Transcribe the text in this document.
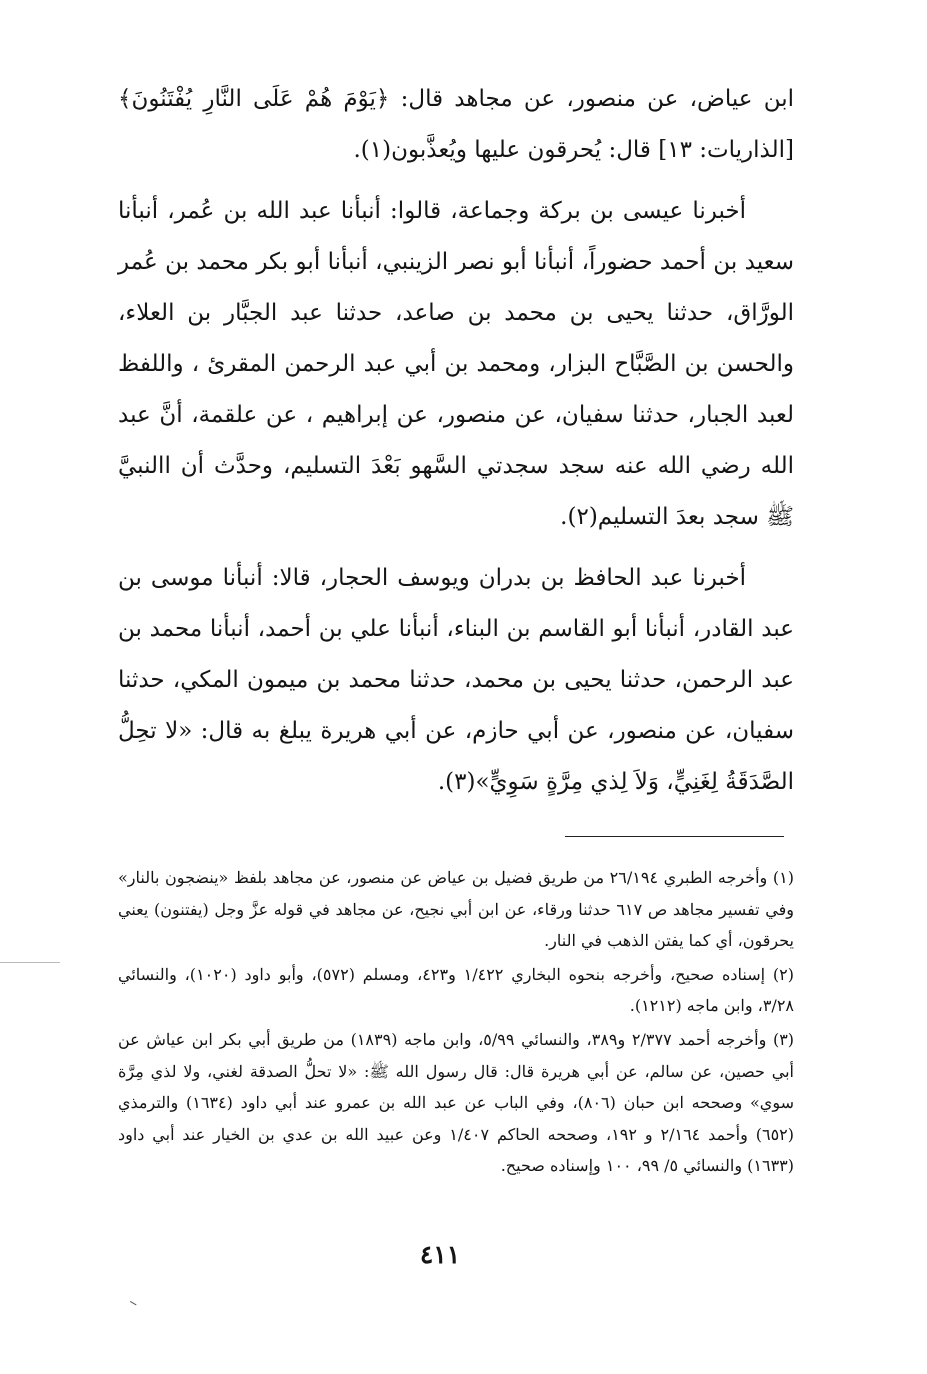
ابن عياض، عن منصور، عن مجاهد قال: ﴿يَوْمَ هُمْ عَلَى النَّارِ يُفْتَنُونَ﴾ [الذاريات: ١٣] قال: يُحرقون عليها ويُعذَّبون(١).

أخبرنا عيسى بن بركة وجماعة، قالوا: أنبأنا عبد الله بن عُمر، أنبأنا سعيد بن أحمد حضوراً، أنبأنا أبو نصر الزينبي، أنبأنا أبو بكر محمد بن عُمر الورَّاق، حدثنا يحيى بن محمد بن صاعد، حدثنا عبد الجبَّار بن العلاء، والحسن بن الصَّبَّاح البزار، ومحمد بن أبي عبد الرحمن المقرئ ، واللفظ لعبد الجبار، حدثنا سفيان، عن منصور، عن إبراهيم ، عن علقمة، أنَّ عبد الله رضي الله عنه سجد سجدتي السَّهو بَعْدَ التسليم، وحدَّث أن االنبيَّ ﷺ سجد بعدَ التسليم(٢).

أخبرنا عبد الحافظ بن بدران ويوسف الحجار، قالا: أنبأنا موسى بن عبد القادر، أنبأنا أبو القاسم بن البناء، أنبأنا علي بن أحمد، أنبأنا محمد بن عبد الرحمن، حدثنا يحيى بن محمد، حدثنا محمد بن ميمون المكي، حدثنا سفيان، عن منصور، عن أبي حازم، عن أبي هريرة يبلغ به قال: «لا تحِلُّ الصَّدَقَةُ لِغَنِيٍّ، وَلاَ لِذي مِرَّةٍ سَوِيٍّ»(٣).

(١) وأخرجه الطبري ٢٦/١٩٤ من طريق فضيل بن عياض عن منصور، عن مجاهد بلفظ «ينضجون بالنار» وفي تفسير مجاهد ص ٦١٧ حدثنا ورقاء، عن ابن أبي نجيح، عن مجاهد في قوله عزَّ وجل (يفتنون) يعني يحرقون، أي كما يفتن الذهب في النار.

(٢) إسناده صحيح، وأخرجه بنحوه البخاري ١/٤٢٢ و٤٢٣، ومسلم (٥٧٢)، وأبو داود (١٠٢٠)، والنسائي ٣/٢٨، وابن ماجه (١٢١٢).

(٣) وأخرجه أحمد ٢/٣٧٧ و٣٨٩، والنسائي ٥/٩٩، وابن ماجه (١٨٣٩) من طريق أبي بكر ابن عياش عن أبي حصين، عن سالم، عن أبي هريرة قال: قال رسول الله ﷺ: «لا تحلُّ الصدقة لغني، ولا لذي مِرَّة سوي» وصححه ابن حبان (٨٠٦)، وفي الباب عن عبد الله بن عمرو عند أبي داود (١٦٣٤) والترمذي (٦٥٢) وأحمد ٢/١٦٤ و ١٩٢، وصححه الحاكم ١/٤٠٧ وعن عبيد الله بن عدي بن الخيار عند أبي داود (١٦٣٣) والنسائي ٥/ ٩٩، ١٠٠ وإسناده صحيح.

٤١١
